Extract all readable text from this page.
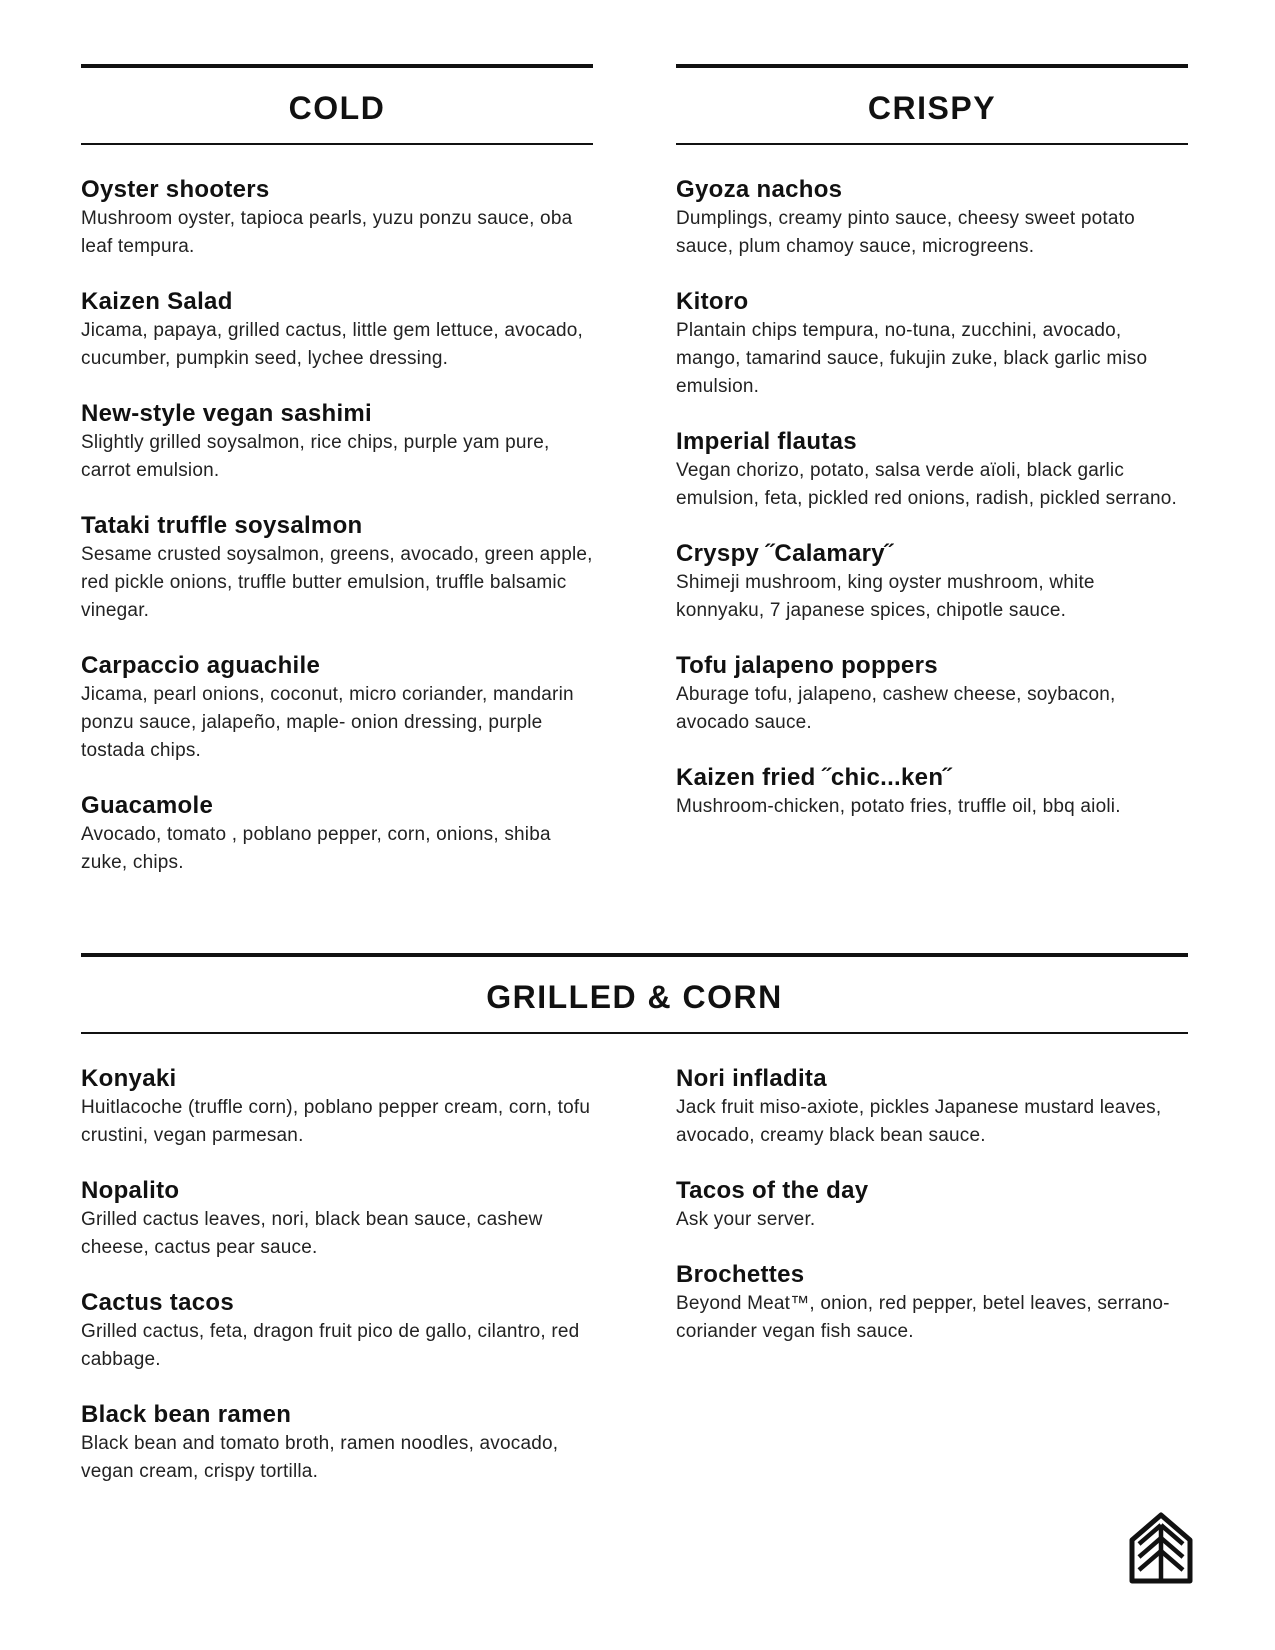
COLD
Oyster shooters
Mushroom oyster, tapioca pearls, yuzu ponzu sauce, oba leaf tempura.
Kaizen Salad
Jicama, papaya, grilled cactus, little gem lettuce, avocado, cucumber, pumpkin seed, lychee dressing.
New-style vegan sashimi
Slightly grilled soysalmon, rice chips, purple yam pure, carrot emulsion.
Tataki truffle soysalmon
Sesame crusted soysalmon, greens, avocado, green apple, red pickle onions, truffle butter emulsion, truffle balsamic vinegar.
Carpaccio aguachile
Jicama, pearl onions, coconut, micro coriander, mandarin ponzu sauce, jalapeño, maple- onion dressing, purple tostada chips.
Guacamole
Avocado, tomato , poblano pepper, corn, onions, shiba zuke, chips.
CRISPY
Gyoza nachos
Dumplings, creamy pinto sauce, cheesy sweet potato sauce, plum chamoy sauce, microgreens.
Kitoro
Plantain chips tempura, no-tuna, zucchini, avocado, mango, tamarind sauce, fukujin zuke, black garlic miso emulsion.
Imperial flautas
Vegan chorizo, potato, salsa verde aïoli, black garlic emulsion, feta, pickled red onions, radish, pickled serrano.
Cryspy ˝Calamary˝
Shimeji mushroom, king oyster mushroom, white konnyaku, 7 japanese spices, chipotle sauce.
Tofu jalapeno poppers
Aburage tofu, jalapeno, cashew cheese, soybacon, avocado sauce.
Kaizen fried ˝chic...ken˝
Mushroom-chicken, potato fries, truffle oil, bbq aioli.
GRILLED & CORN
Konyaki
Huitlacoche (truffle corn), poblano pepper cream, corn, tofu crustini, vegan parmesan.
Nopalito
Grilled cactus leaves, nori, black bean sauce, cashew cheese, cactus pear sauce.
Cactus tacos
Grilled cactus, feta, dragon fruit pico de gallo, cilantro, red cabbage.
Black bean ramen
Black bean and tomato broth, ramen noodles, avocado, vegan cream, crispy tortilla.
Nori infladita
Jack fruit miso-axiote, pickles Japanese mustard leaves, avocado, creamy black bean sauce.
Tacos of the day
Ask your server.
Brochettes
Beyond Meat™, onion, red pepper, betel leaves, serrano-coriander vegan fish sauce.
